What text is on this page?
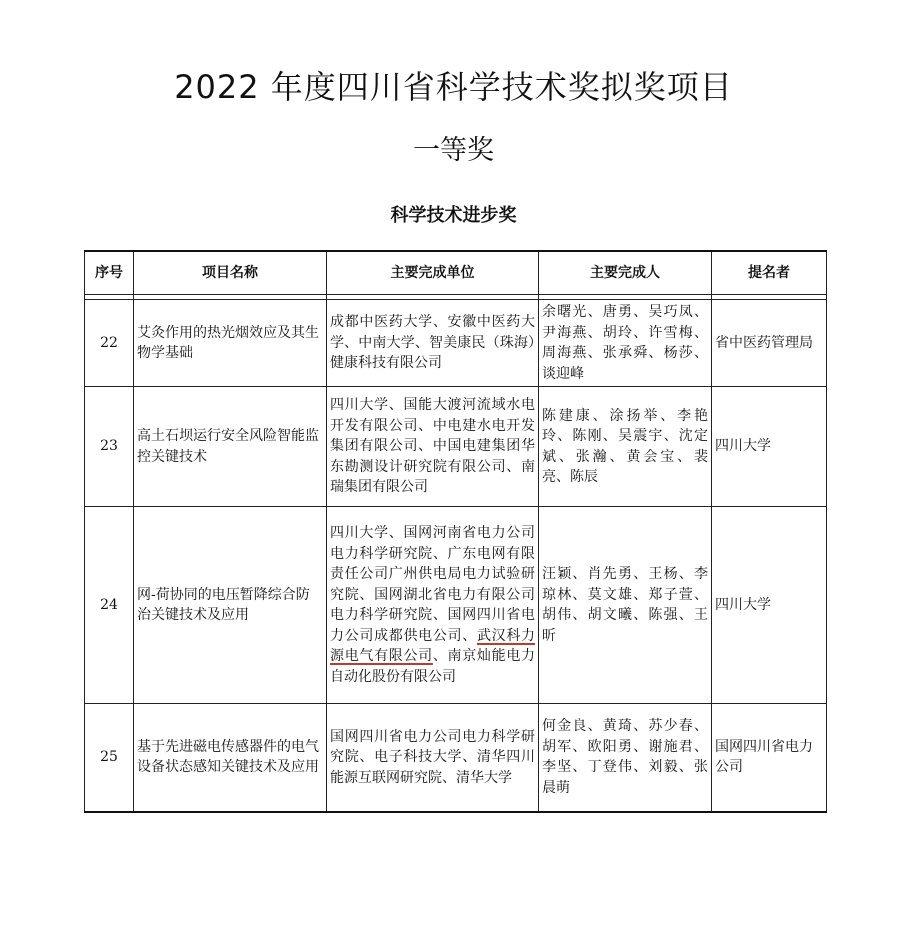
2022 年度四川省科学技术奖拟奖项目
一等奖
科学技术进步奖
序号	项目名称	主要完成单位	主要完成人	提名者

22	艾灸作用的热光烟效应及其生物学基础	成都中医药大学、安徽中医药大学、中南大学、智美康民（珠海）健康科技有限公司	余曙光、唐勇、吴巧凤、尹海燕、胡玲、许雪梅、周海燕、张承舜、杨莎、谈迎峰	省中医药管理局
23	高土石坝运行安全风险智能监控关键技术	四川大学、国能大渡河流域水电开发有限公司、中电建水电开发集团有限公司、中国电建集团华东勘测设计研究院有限公司、南瑞集团有限公司	陈建康、涂扬举、李艳玲、陈刚、吴震宇、沈定斌、张瀚、黄会宝、裴亮、陈辰	四川大学
24	网-荷协同的电压暂降综合防治关键技术及应用	四川大学、国网河南省电力公司电力科学研究院、广东电网有限责任公司广州供电局电力试验研究院、国网湖北省电力有限公司电力科学研究院、国网四川省电力公司成都供电公司、武汉科力源电气有限公司、南京灿能电力自动化股份有限公司	汪颖、肖先勇、王杨、李琼林、莫文雄、郑子萱、胡伟、胡文曦、陈强、王昕	四川大学
25	基于先进磁电传感器件的电气设备状态感知关键技术及应用	国网四川省电力公司电力科学研究院、电子科技大学、清华四川能源互联网研究院、清华大学	何金良、黄琦、苏少春、胡军、欧阳勇、谢施君、李坚、丁登伟、刘毅、张晨萌	国网四川省电力公司
